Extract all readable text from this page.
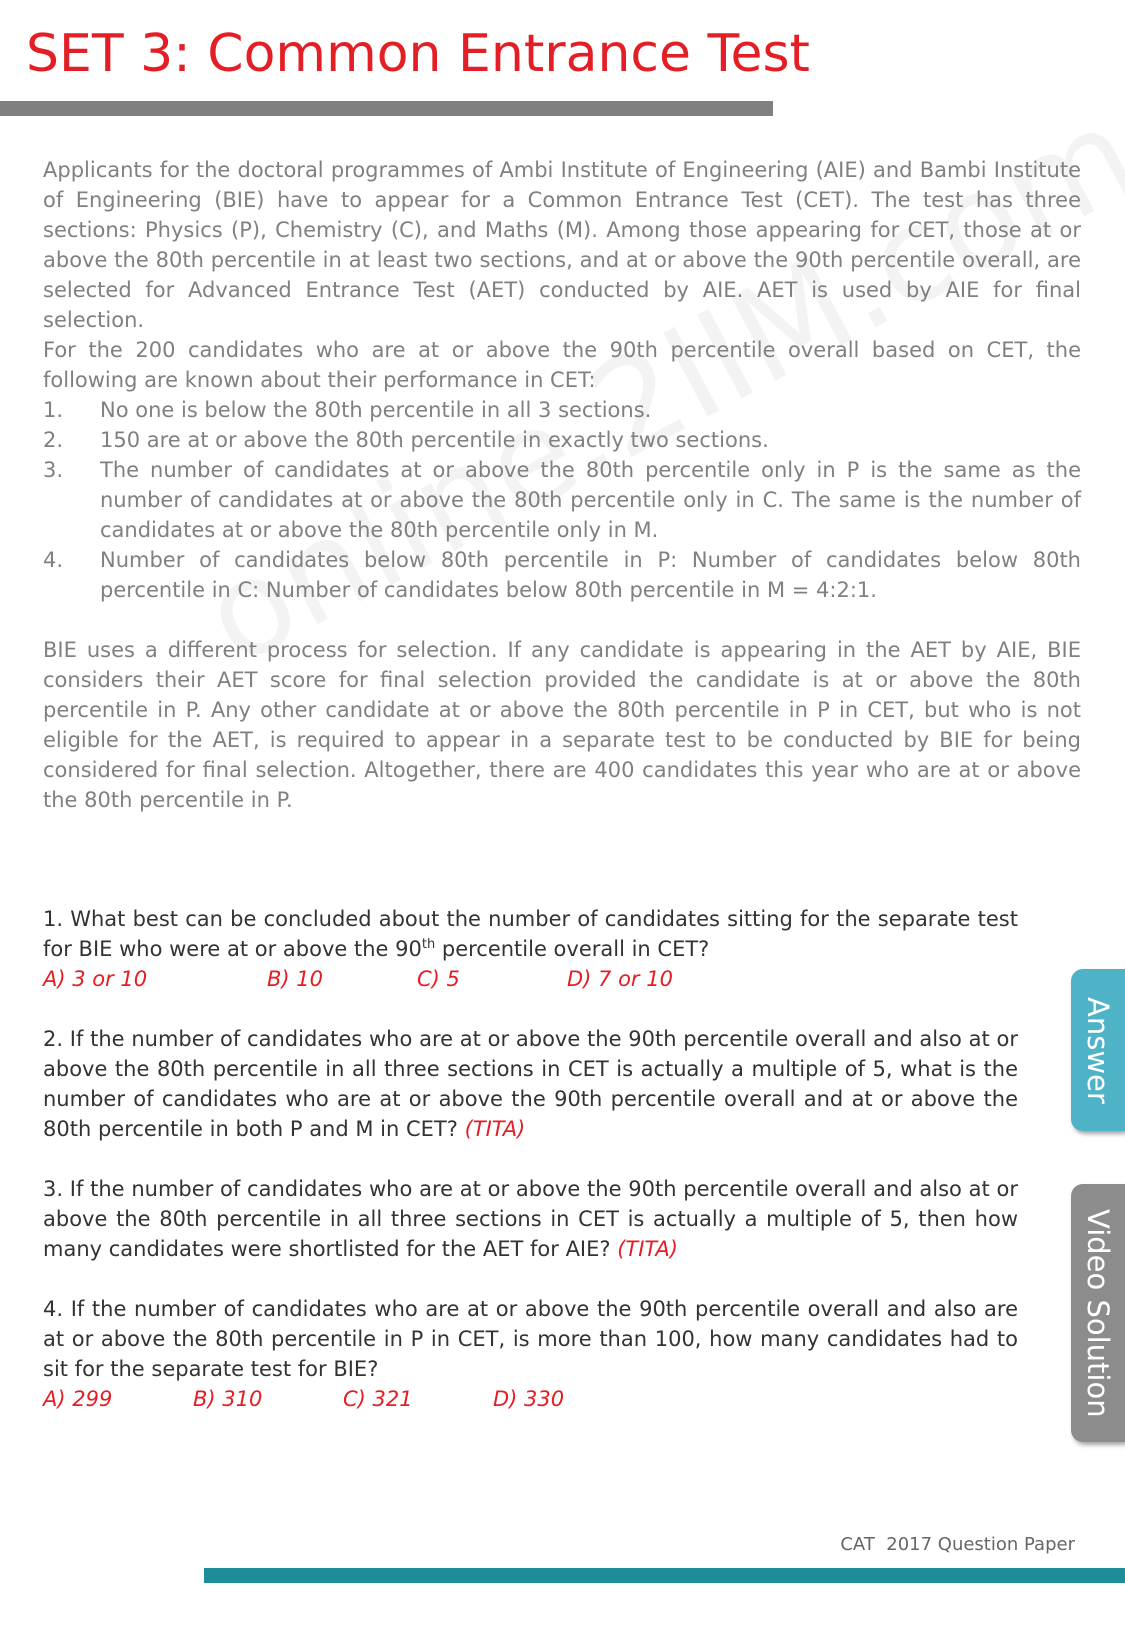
SET 3: Common Entrance Test

Applicants for the doctoral programmes of Ambi Institute of Engineering (AIE) and Bambi Institute of Engineering (BIE) have to appear for a Common Entrance Test (CET). The test has three sections: Physics (P), Chemistry (C), and Maths (M). Among those appearing for CET, those at or above the 80th percentile in at least two sections, and at or above the 90th percentile overall, are selected for Advanced Entrance Test (AET) conducted by AIE. AET is used by AIE for final selection.

For the 200 candidates who are at or above the 90th percentile overall based on CET, the following are known about their performance in CET:

1. No one is below the 80th percentile in all 3 sections.
2. 150 are at or above the 80th percentile in exactly two sections.
3. The number of candidates at or above the 80th percentile only in P is the same as the number of candidates at or above the 80th percentile only in C. The same is the number of candidates at or above the 80th percentile only in M.
4. Number of candidates below 80th percentile in P: Number of candidates below 80th percentile in C: Number of candidates below 80th percentile in M = 4:2:1.

BIE uses a different process for selection. If any candidate is appearing in the AET by AIE, BIE considers their AET score for final selection provided the candidate is at or above the 80th percentile in P. Any other candidate at or above the 80th percentile in P in CET, but who is not eligible for the AET, is required to appear in a separate test to be conducted by BIE for being considered for final selection. Altogether, there are 400 candidates this year who are at or above the 80th percentile in P.

1. What best can be concluded about the number of candidates sitting for the separate test for BIE who were at or above the 90th percentile overall in CET?
A) 3 or 10	B) 10	C) 5	D) 7 or 10
2. If the number of candidates who are at or above the 90th percentile overall and also at or above the 80th percentile in all three sections in CET is actually a multiple of 5, what is the number of candidates who are at or above the 90th percentile overall and at or above the 80th percentile in both P and M in CET? (TITA)
3. If the number of candidates who are at or above the 90th percentile overall and also at or above the 80th percentile in all three sections in CET is actually a multiple of 5, then how many candidates were shortlisted for the AET for AIE? (TITA)
4. If the number of candidates who are at or above the 90th percentile overall and also are at or above the 80th percentile in P in CET, is more than 100, how many candidates had to sit for the separate test for BIE?
A) 299	B) 310	C) 321	D) 330
Answer
Video Solution
CAT  2017 Question Paper
